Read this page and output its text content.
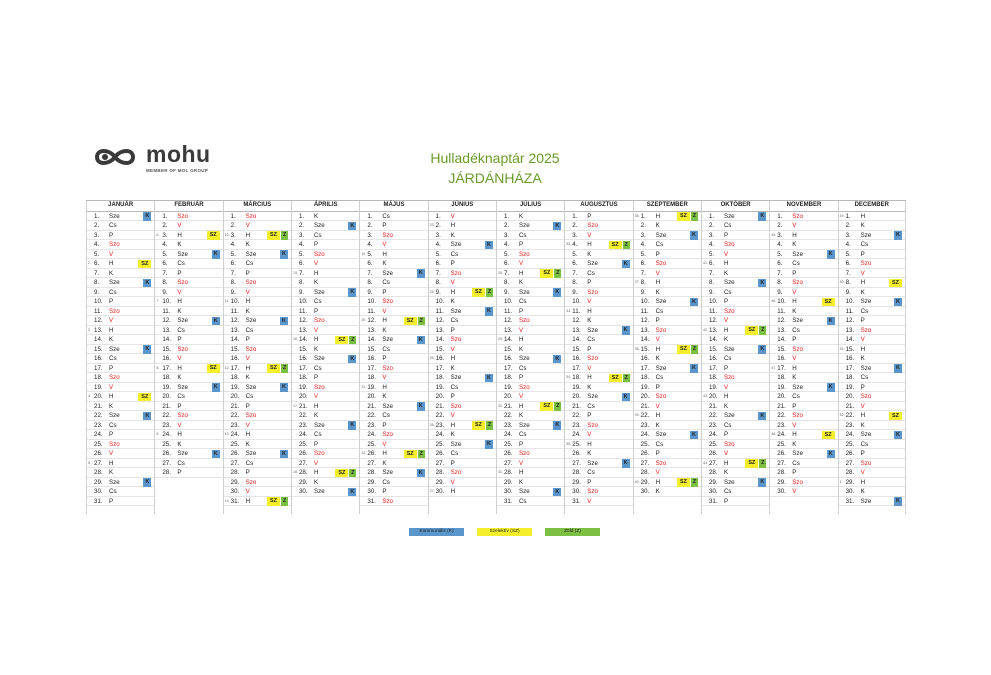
mohu
MEMBER OF MOL GROUP
Hulladéknaptár 2025
JÁRDÁNHÁZA
JANUÁR
1. Sze	K
2. Cs
3. P
4. Szo
5. V
2. 6. H	SZ
7. K
8. Sze	K
9. Cs
10. P
11. Szo
12. V
3. 13. H
14. K
15. Sze	K
16. Cs
17. P
18. Szo
19. V
4. 20. H	SZ
21. K
22. Sze	K
23. Cs
24. P
25. Szo
26. V
5. 27. H
28. K
29. Sze	K
30. Cs
31. P
FEBRUÁR
1. Szo
2. V
6. 3. H	SZ
4. K
5. Sze	K
6. Cs
7. P
8. Szo
9. V
7. 10. H
11. K
12. Sze	K
13. Cs
14. P
15. Szo
16. V
8. 17. H	SZ
18. K
19. Sze	K
20. Cs
21. P
22. Szo
23. V
9. 24. H
25. K
26. Sze	K
27. Cs
28. P
MÁRCIUS
1. Szo
2. V
10. 3. H	SZ	Z
4. K
5. Sze	K
6. Cs
7. P
8. Szo
9. V
11. 10. H
11. K
12. Sze	K
13. Cs
14. P
15. Szo
16. V
12. 17. H	SZ	Z
18. K
19. Sze	K
20. Cs
21. P
22. Szo
23. V
13. 24. H
25. K
26. Sze	K
27. Cs
28. P
29. Szo
30. V
14. 31. H	SZ	Z
ÁPRILIS
1. K
2. Sze	K
3. Cs
4. P
5. Szo
6. V
15. 7. H
8. K
9. Sze	K
10. Cs
11. P
12. Szo
13. V
16. 14. H	SZ	Z
15. K
16. Sze	K
17. Cs
18. P
19. Szo
20. V
17. 21. H
22. K
23. Sze	K
24. Cs
25. P
26. Szo
27. V
18. 28. H	SZ	Z
29. K
30. Sze	K
MÁJUS
1. Cs
2. P
3. Szo
4. V
19. 5. H
6. K
7. Sze	K
8. Cs
9. P
10. Szo
11. V
20. 12. H	SZ	Z
13. K
14. Sze	K
15. Cs
16. P
17. Szo
18. V
21. 19. H
20. K
21. Sze	K
22. Cs
23. P
24. Szo
25. V
22. 26. H	SZ	Z
27. K
28. Sze	K
29. Cs
30. P
31. Szo
JÚNIUS
1. V
23. 2. H
3. K
4. Sze	K
5. Cs
6. P
7. Szo
8. V
24. 9. H	SZ	Z
10. K
11. Sze	K
12. Cs
13. P
14. Szo
15. V
25. 16. H
17. K
18. Sze	K
19. Cs
20. P
21. Szo
22. V
26. 23. H	SZ	Z
24. K
25. Sze	K
26. Cs
27. P
28. Szo
29. V
27. 30. H
JÚLIUS
1. K
2. Sze	K
3. Cs
4. P
5. Szo
6. V
28. 7. H	SZ	Z
8. K
9. Sze	K
10. Cs
11. P
12. Szo
13. V
29. 14. H
15. K
16. Sze	K
17. Cs
18. P
19. Szo
20. V
30. 21. H	SZ	Z
22. K
23. Sze	K
24. Cs
25. P
26. Szo
27. V
31. 28. H
29. K
30. Sze	K
31. Cs
AUGUSZTUS
1. P
2. Szo
3. V
32. 4. H	SZ	Z
5. K
6. Sze	K
7. Cs
8. P
9. Szo
10. V
33. 11. H
12. K
13. Sze	K
14. Cs
15. P
16. Szo
17. V
34. 18. H	SZ	Z
19. K
20. Sze	K
21. Cs
22. P
23. Szo
24. V
35. 25. H
26. K
27. Sze	K
28. Cs
29. P
30. Szo
31. V
SZEPTEMBER
36. 1. H	SZ	Z
2. K
3. Sze	K
4. Cs
5. P
6. Szo
7. V
37. 8. H
9. K
10. Sze	K
11. Cs
12. P
13. Szo
14. V
38. 15. H	SZ	Z
16. K
17. Sze	K
18. Cs
19. P
20. Szo
21. V
39. 22. H
23. K
24. Sze	K
25. Cs
26. P
27. Szo
28. V
40. 29. H	SZ	Z
30. K
OKTÓBER
1. Sze	K
2. Cs
3. P
4. Szo
5. V
41. 6. H
7. K
8. Sze	K
9. Cs
10. P
11. Szo
12. V
42. 13. H	SZ	Z
14. K
15. Sze	K
16. Cs
17. P
18. Szo
19. V
43. 20. H
21. K
22. Sze	K
23. Cs
24. P
25. Szo
26. V
44. 27. H	SZ	Z
28. K
29. Sze	K
30. Cs
31. P
NOVEMBER
1. Szo
2. V
45. 3. H
4. K
5. Sze	K
6. Cs
7. P
8. Szo
9. V
46. 10. H	SZ
11. K
12. Sze	K
13. Cs
14. P
15. Szo
16. V
47. 17. H
18. K
19. Sze	K
20. Cs
21. P
22. Szo
23. V
48. 24. H	SZ
25. K
26. Sze	K
27. Cs
28. P
29. Szo
30. V
DECEMBER
49. 1. H
2. K
3. Sze	K
4. Cs
5. P
6. Szo
7. V
50. 8. H	SZ
9. K
10. Sze	K
11. Cs
12. P
13. Szo
14. V
51. 15. H
16. K
17. Sze	K
18. Cs
19. P
20. Szo
21. V
52. 22. H	SZ
23. K
24. Sze	K
25. Cs
26. P
27. Szo
28. V
1. 29. H
30. K
31. Sze	K
Kommunális (K)	Szelektív (SZ)	Zöld (Z)
